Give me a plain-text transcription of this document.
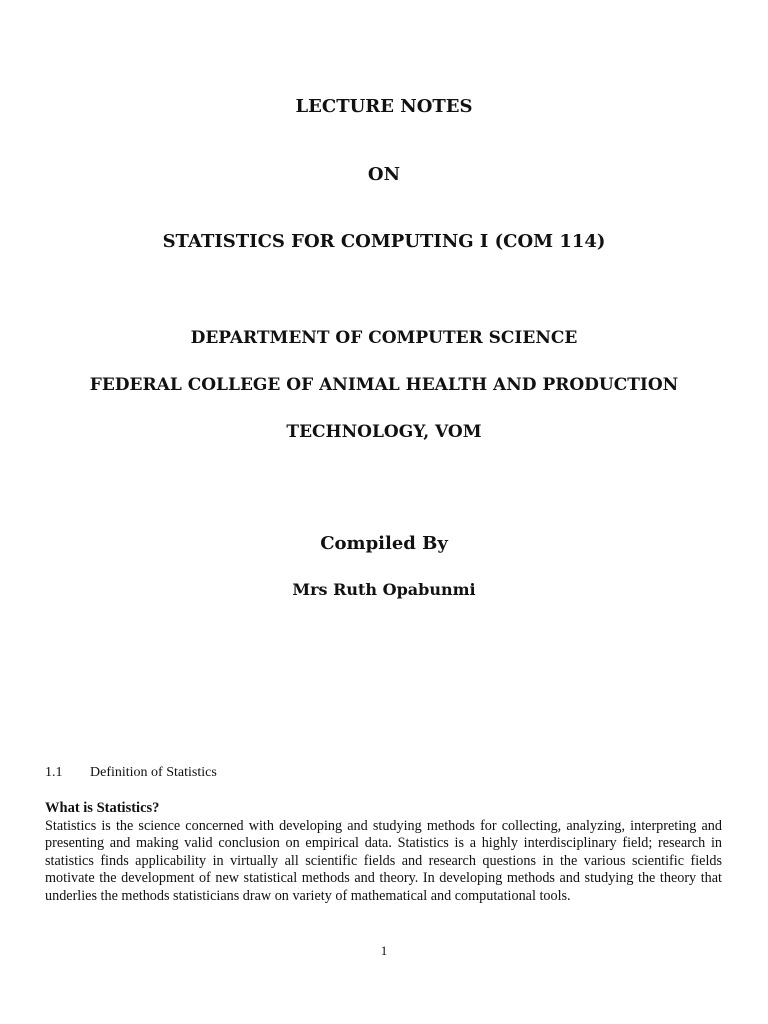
LECTURE NOTES
ON
STATISTICS FOR COMPUTING I (COM 114)
DEPARTMENT OF COMPUTER SCIENCE
FEDERAL COLLEGE OF ANIMAL HEALTH AND PRODUCTION
TECHNOLOGY, VOM
Compiled By
Mrs Ruth Opabunmi
1.1 Definition of Statistics
What is Statistics?
Statistics is the science concerned with developing and studying methods for collecting, analyzing, interpreting and presenting and making valid conclusion on empirical data. Statistics is a highly interdisciplinary field; research in statistics finds applicability in virtually all scientific fields and research questions in the various scientific fields motivate the development of new statistical methods and theory. In developing methods and studying the theory that underlies the methods statisticians draw on variety of mathematical and computational tools.
1
